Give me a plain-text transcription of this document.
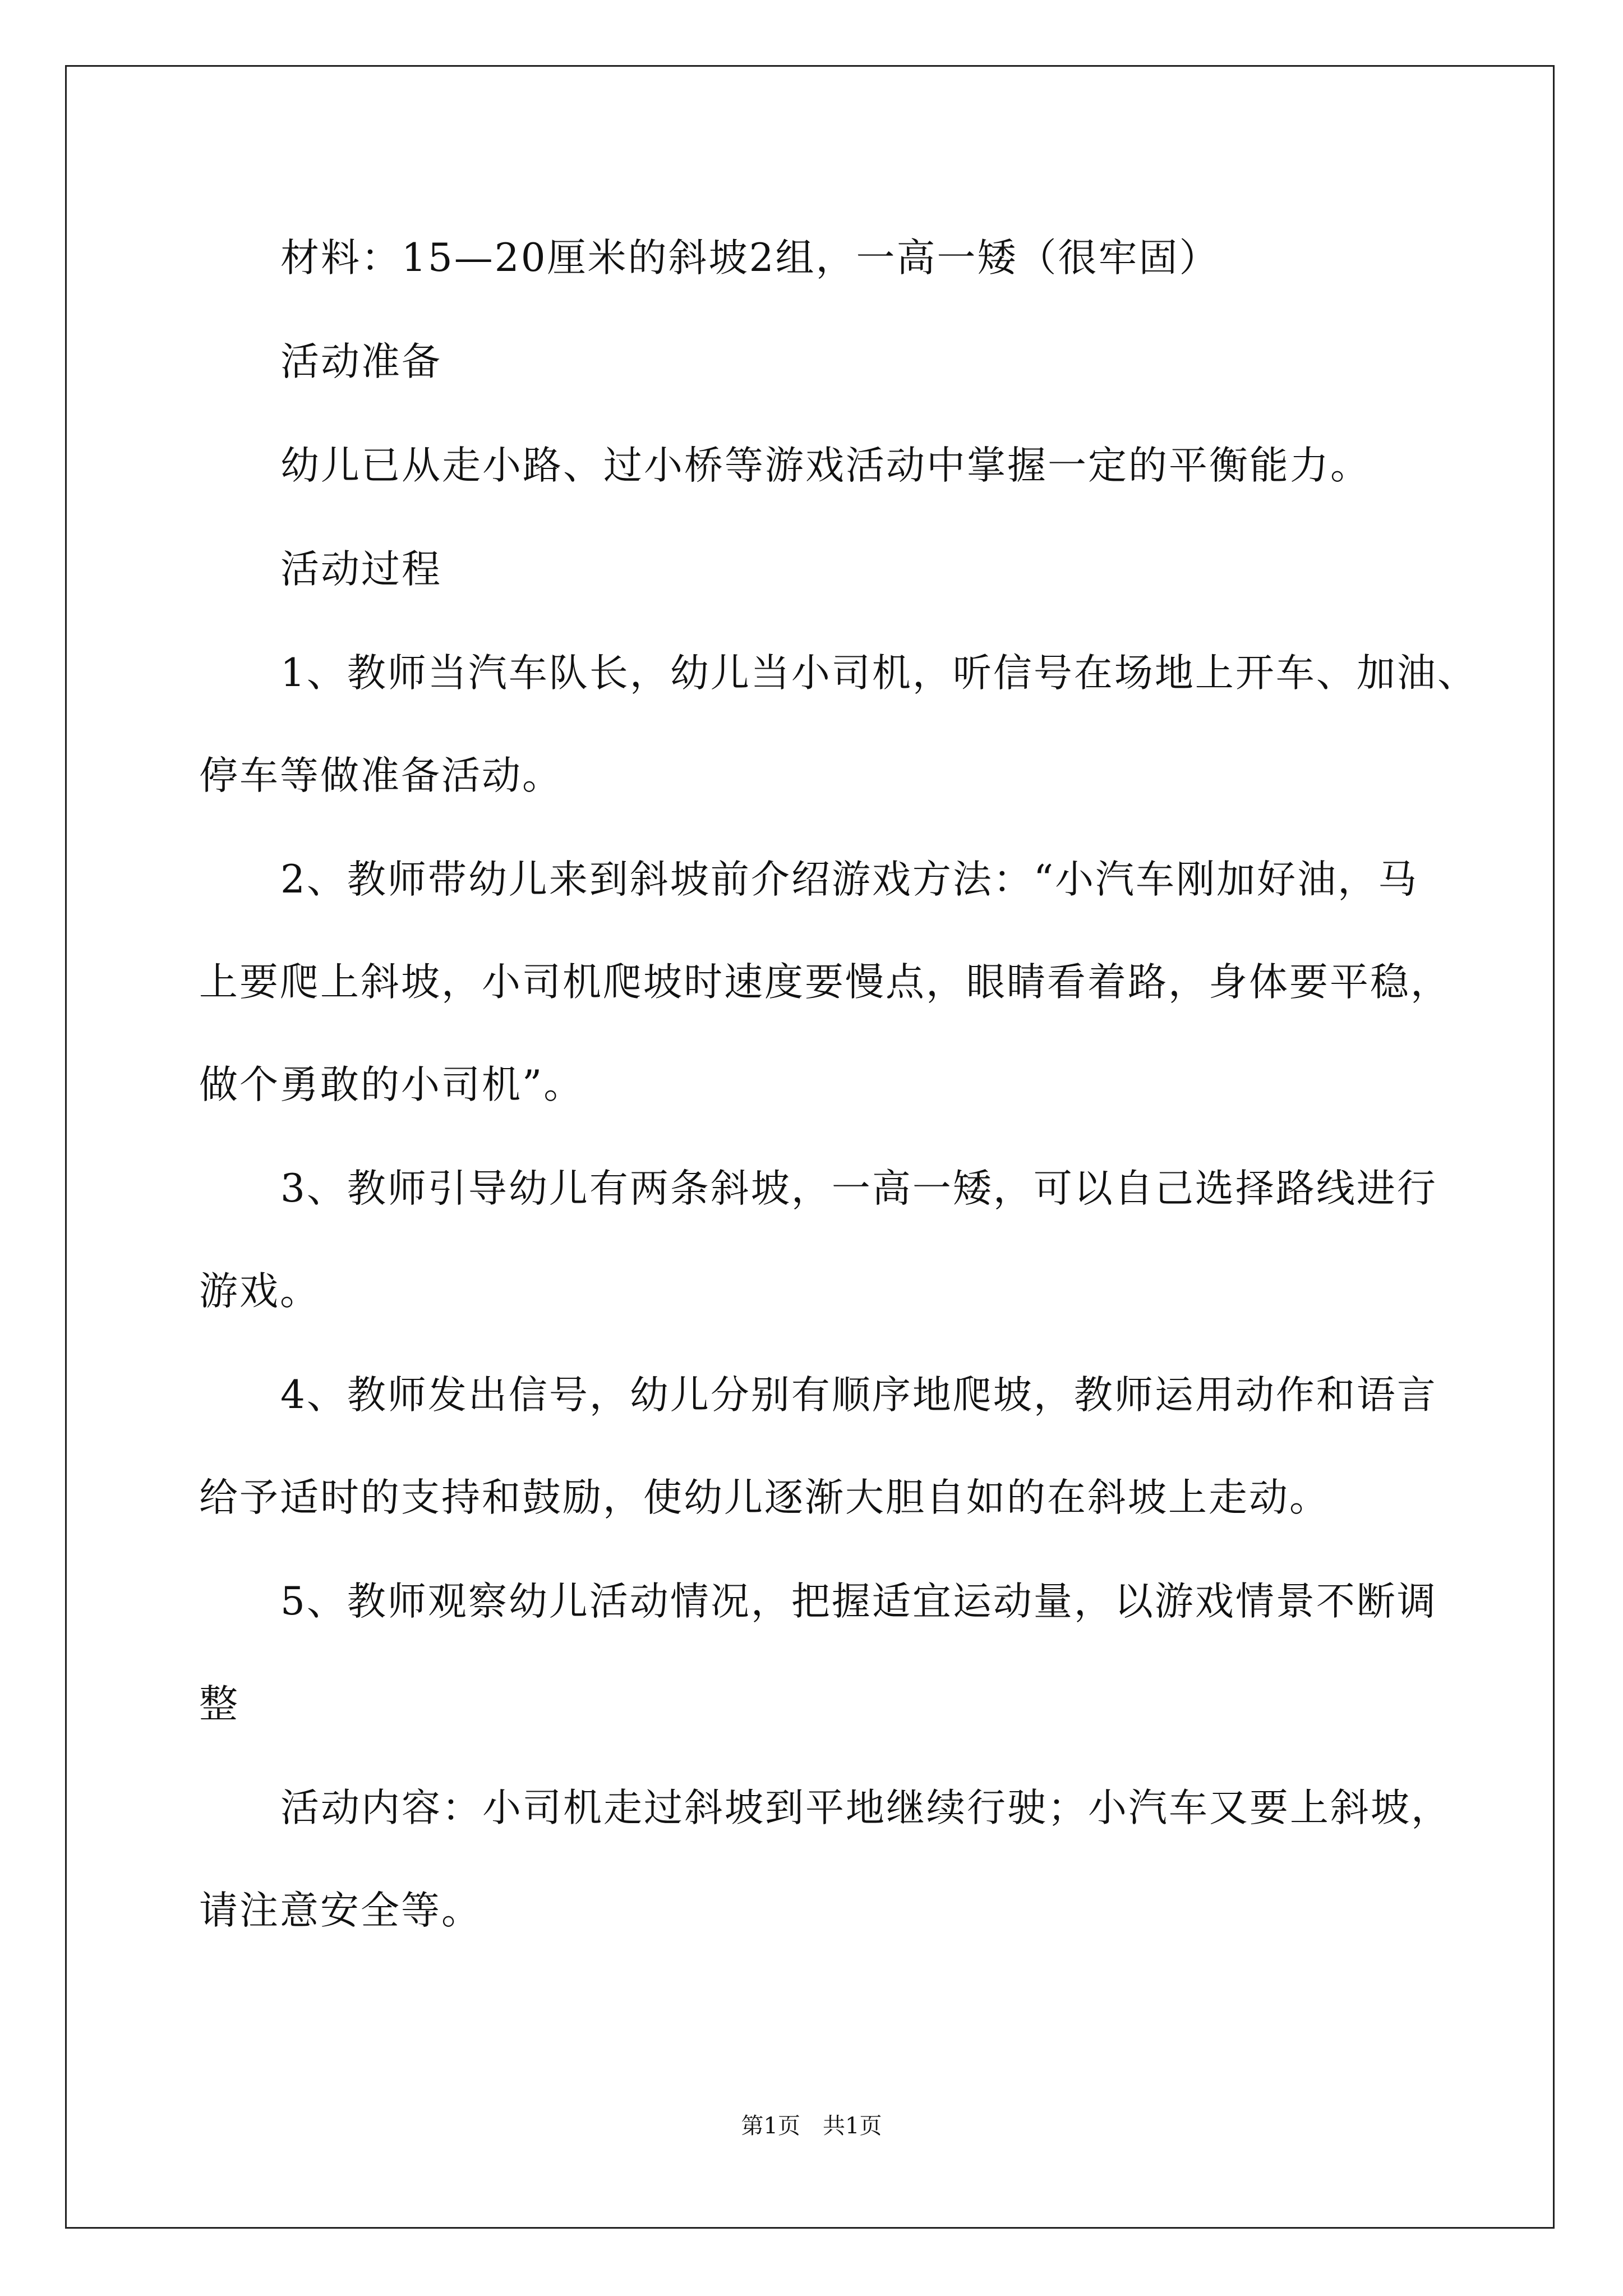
材料：15—20厘米的斜坡2组，一高一矮（很牢固）
活动准备
幼儿已从走小路、过小桥等游戏活动中掌握一定的平衡能力。
活动过程
1、教师当汽车队长，幼儿当小司机，听信号在场地上开车、加油、
停车等做准备活动。
2、教师带幼儿来到斜坡前介绍游戏方法：“小汽车刚加好油，马
上要爬上斜坡，小司机爬坡时速度要慢点，眼睛看着路，身体要平稳，
做个勇敢的小司机”。
3、教师引导幼儿有两条斜坡，一高一矮，可以自己选择路线进行
游戏。
4、教师发出信号，幼儿分别有顺序地爬坡，教师运用动作和语言
给予适时的支持和鼓励，使幼儿逐渐大胆自如的在斜坡上走动。
5、教师观察幼儿活动情况，把握适宜运动量，以游戏情景不断调
整
活动内容：小司机走过斜坡到平地继续行驶；小汽车又要上斜坡，
请注意安全等。
第1页　共1页
